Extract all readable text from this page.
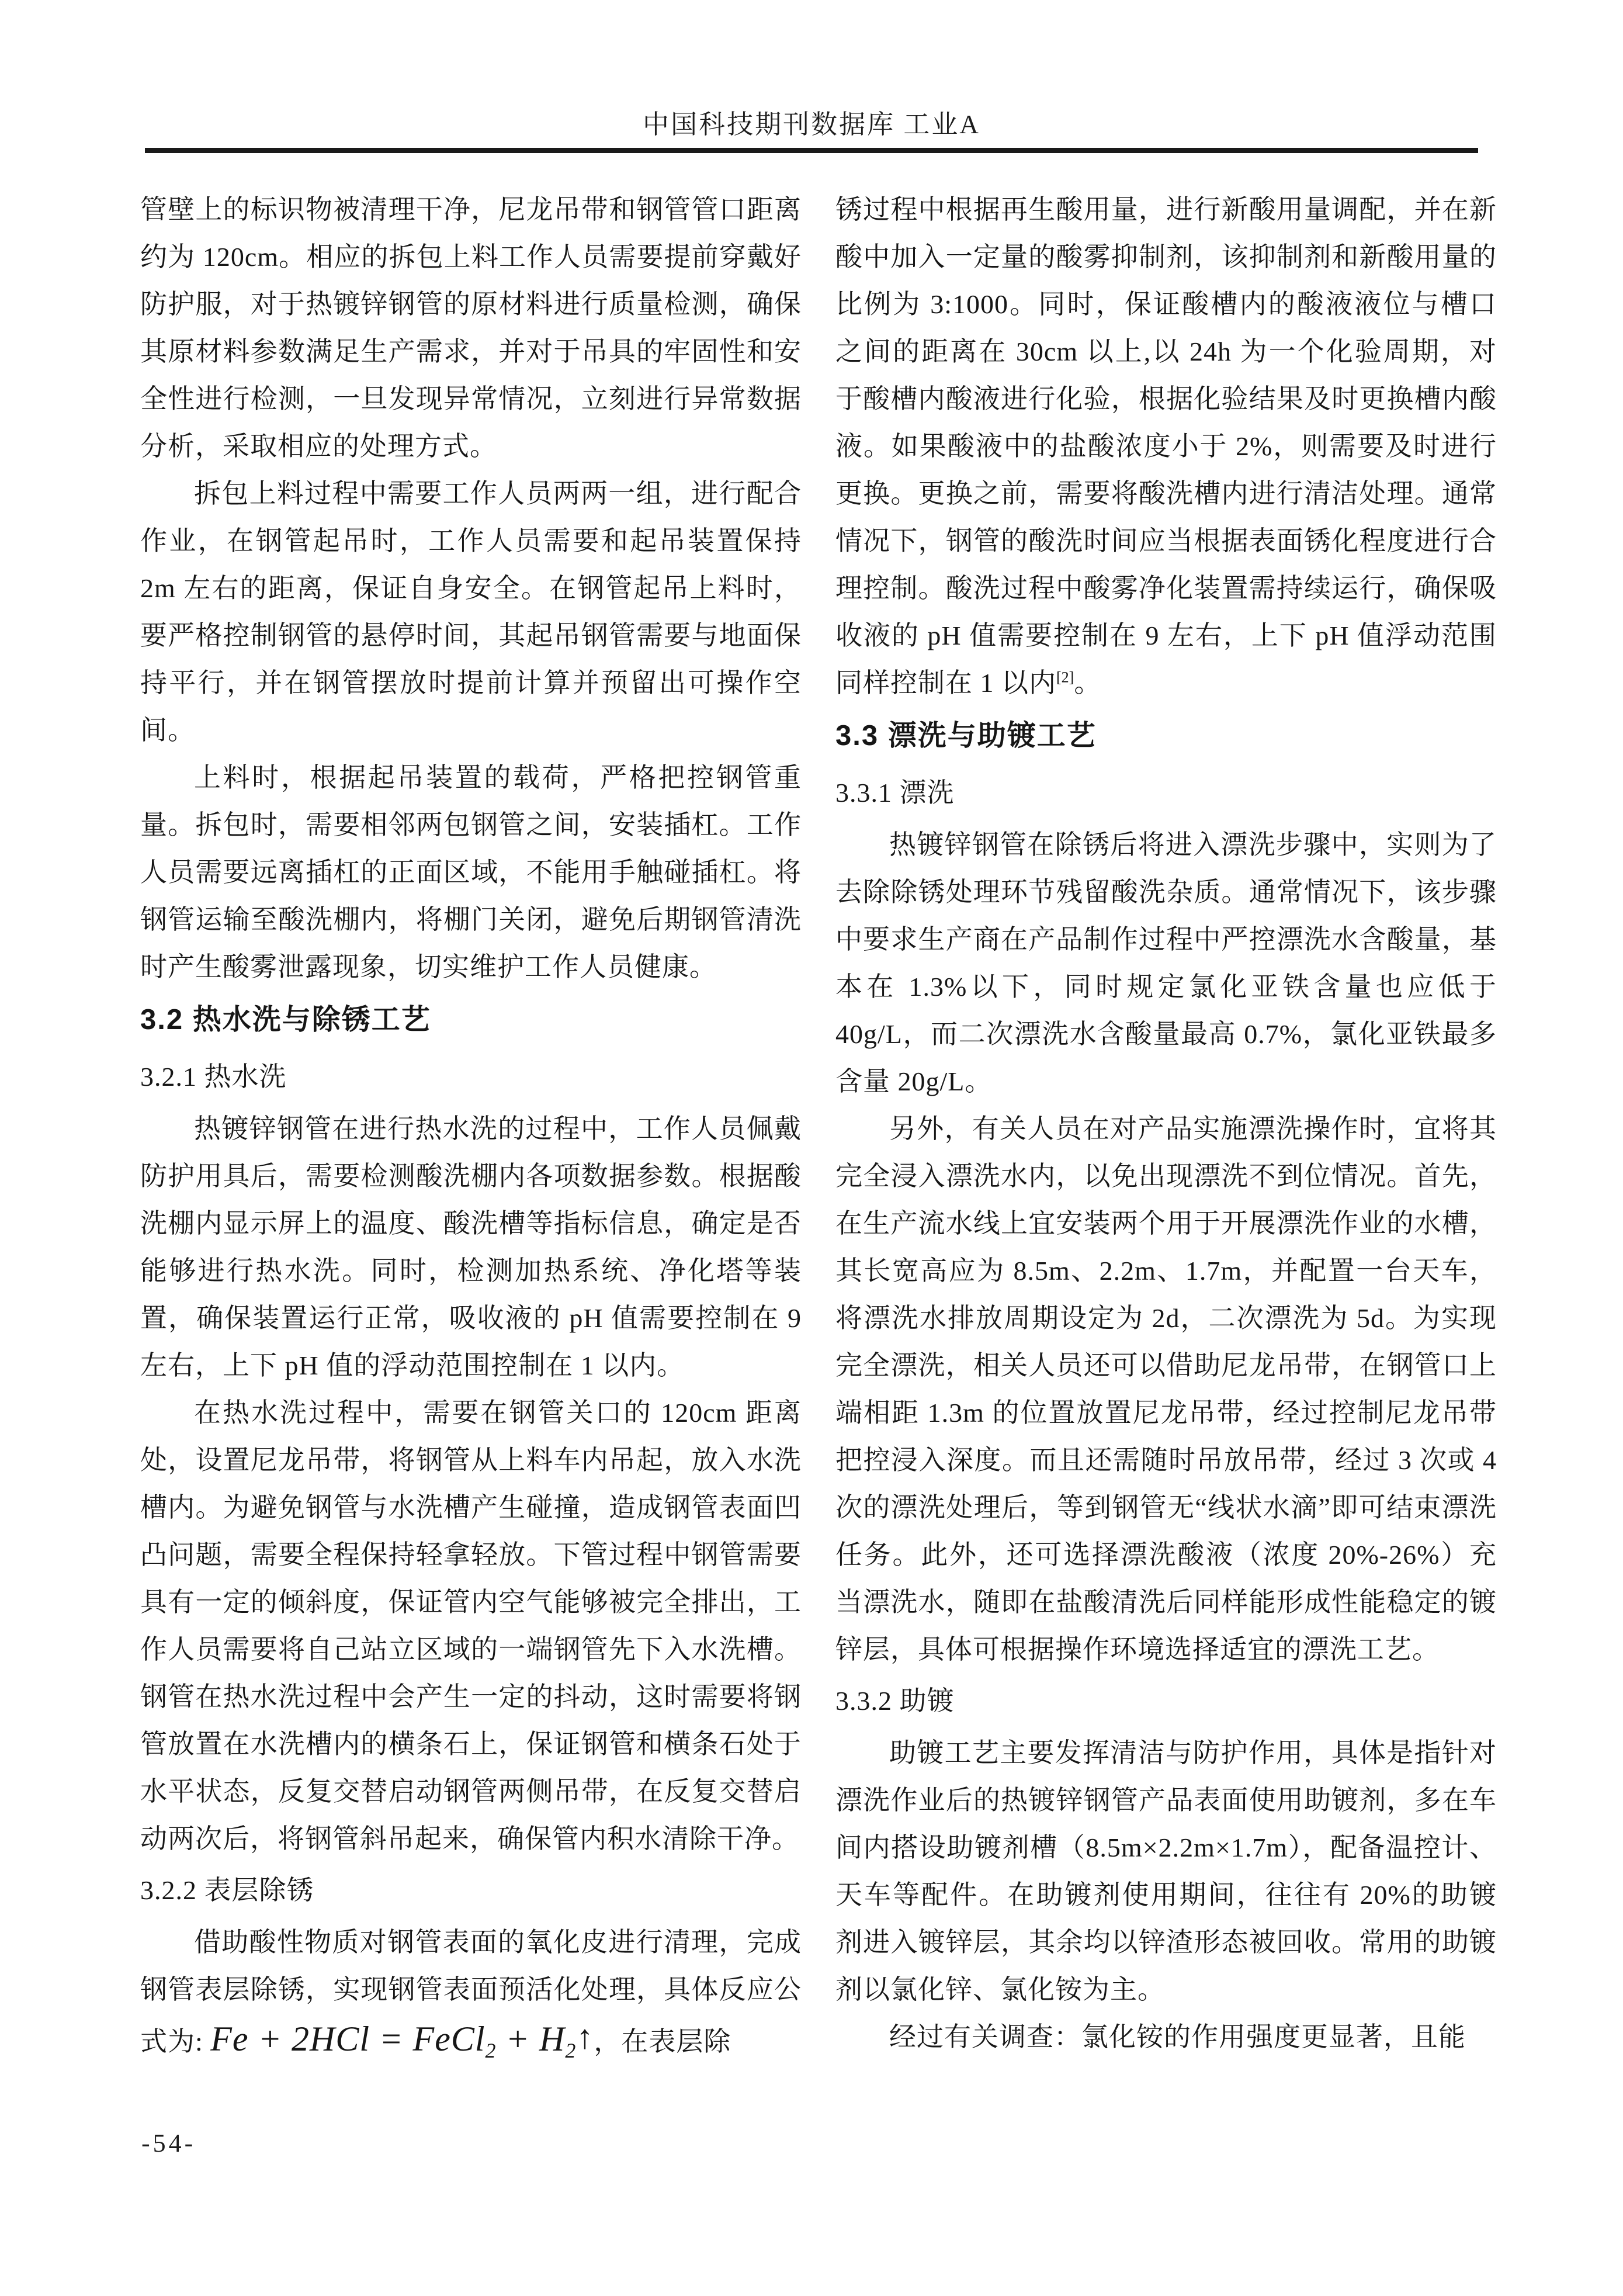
中国科技期刊数据库 工业A

管壁上的标识物被清理干净，尼龙吊带和钢管管口距离约为 120cm。相应的拆包上料工作人员需要提前穿戴好防护服，对于热镀锌钢管的原材料进行质量检测，确保其原材料参数满足生产需求，并对于吊具的牢固性和安全性进行检测，一旦发现异常情况，立刻进行异常数据分析，采取相应的处理方式。

拆包上料过程中需要工作人员两两一组，进行配合作业，在钢管起吊时，工作人员需要和起吊装置保持 2m 左右的距离，保证自身安全。在钢管起吊上料时，要严格控制钢管的悬停时间，其起吊钢管需要与地面保持平行，并在钢管摆放时提前计算并预留出可操作空间。

上料时，根据起吊装置的载荷，严格把控钢管重量。拆包时，需要相邻两包钢管之间，安装插杠。工作人员需要远离插杠的正面区域，不能用手触碰插杠。将钢管运输至酸洗棚内，将棚门关闭，避免后期钢管清洗时产生酸雾泄露现象，切实维护工作人员健康。

3.2 热水洗与除锈工艺
3.2.1 热水洗

热镀锌钢管在进行热水洗的过程中，工作人员佩戴防护用具后，需要检测酸洗棚内各项数据参数。根据酸洗棚内显示屏上的温度、酸洗槽等指标信息，确定是否能够进行热水洗。同时，检测加热系统、净化塔等装置，确保装置运行正常，吸收液的 pH 值需要控制在 9 左右，上下 pH 值的浮动范围控制在 1 以内。

在热水洗过程中，需要在钢管关口的 120cm 距离处，设置尼龙吊带，将钢管从上料车内吊起，放入水洗槽内。为避免钢管与水洗槽产生碰撞，造成钢管表面凹凸问题，需要全程保持轻拿轻放。下管过程中钢管需要具有一定的倾斜度，保证管内空气能够被完全排出，工作人员需要将自己站立区域的一端钢管先下入水洗槽。钢管在热水洗过程中会产生一定的抖动，这时需要将钢管放置在水洗槽内的横条石上，保证钢管和横条石处于水平状态，反复交替启动钢管两侧吊带，在反复交替启动两次后，将钢管斜吊起来，确保管内积水清除干净。

3.2.2 表层除锈

借助酸性物质对钢管表面的氧化皮进行清理，完成钢管表层除锈，实现钢管表面预活化处理，具体反应公式为: Fe + 2HCl = FeCl$_2$ + $H_2↑$，在表层除

锈过程中根据再生酸用量，进行新酸用量调配，并在新酸中加入一定量的酸雾抑制剂，该抑制剂和新酸用量的比例为 3:1000。同时，保证酸槽内的酸液液位与槽口之间的距离在 30cm 以上,以 24h 为一个化验周期，对于酸槽内酸液进行化验，根据化验结果及时更换槽内酸液。如果酸液中的盐酸浓度小于 2%，则需要及时进行更换。更换之前，需要将酸洗槽内进行清洁处理。通常情况下，钢管的酸洗时间应当根据表面锈化程度进行合理控制。酸洗过程中酸雾净化装置需持续运行，确保吸收液的 pH 值需要控制在 9 左右，上下 pH 值浮动范围同样控制在 1 以内[2]。

3.3 漂洗与助镀工艺
3.3.1 漂洗

热镀锌钢管在除锈后将进入漂洗步骤中，实则为了去除除锈处理环节残留酸洗杂质。通常情况下，该步骤中要求生产商在产品制作过程中严控漂洗水含酸量，基本在 1.3%以下，同时规定氯化亚铁含量也应低于 40g/L，而二次漂洗水含酸量最高 0.7%，氯化亚铁最多含量 20g/L。

另外，有关人员在对产品实施漂洗操作时，宜将其完全浸入漂洗水内，以免出现漂洗不到位情况。首先，在生产流水线上宜安装两个用于开展漂洗作业的水槽，其长宽高应为 8.5m、2.2m、1.7m，并配置一台天车，将漂洗水排放周期设定为 2d，二次漂洗为 5d。为实现完全漂洗，相关人员还可以借助尼龙吊带，在钢管口上端相距 1.3m 的位置放置尼龙吊带，经过控制尼龙吊带把控浸入深度。而且还需随时吊放吊带，经过 3 次或 4 次的漂洗处理后，等到钢管无“线状水滴”即可结束漂洗任务。此外，还可选择漂洗酸液（浓度 20%-26%）充当漂洗水，随即在盐酸清洗后同样能形成性能稳定的镀锌层，具体可根据操作环境选择适宜的漂洗工艺。

3.3.2 助镀

助镀工艺主要发挥清洁与防护作用，具体是指针对漂洗作业后的热镀锌钢管产品表面使用助镀剂，多在车间内搭设助镀剂槽（8.5m×2.2m×1.7m），配备温控计、天车等配件。在助镀剂使用期间，往往有 20%的助镀剂进入镀锌层，其余均以锌渣形态被回收。常用的助镀剂以氯化锌、氯化铵为主。

经过有关调查：氯化铵的作用强度更显著，且能

-54-
